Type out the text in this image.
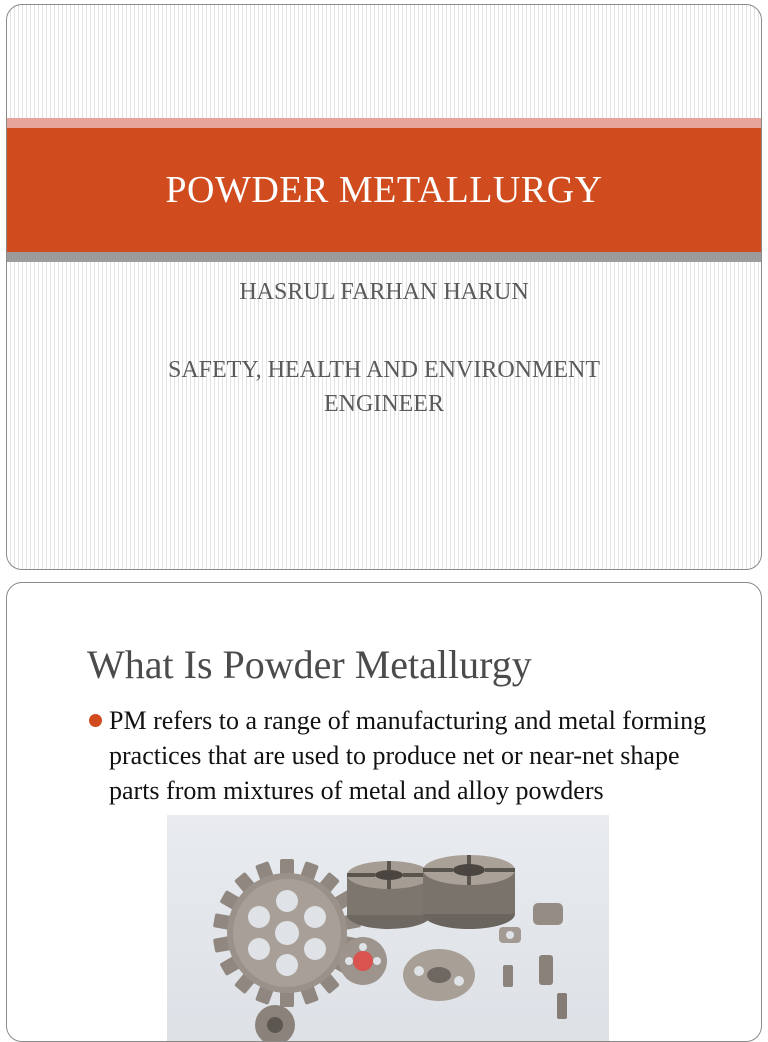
POWDER METALLURGY
HASRUL FARHAN HARUN
SAFETY, HEALTH AND ENVIRONMENT ENGINEER
What Is Powder Metallurgy
PM refers to a range of manufacturing and metal forming practices that are used to produce net or near-net shape parts from mixtures of metal and alloy powders
